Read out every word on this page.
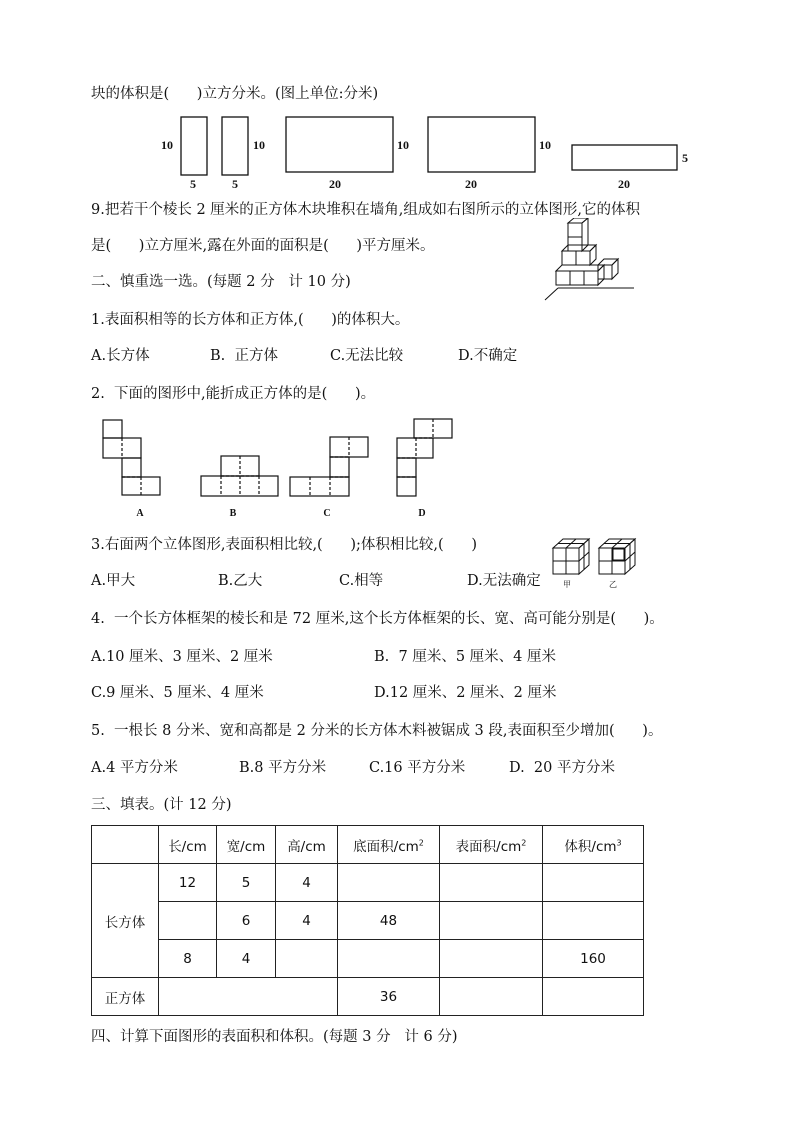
块的体积是(      )立方分米。(图上单位:分米)
10
5
10
5
10
20
10
20
5
20
9.把若干个棱长 2 厘米的正方体木块堆积在墙角,组成如右图所示的立体图形,它的体积
是(      )立方厘米,露在外面的面积是(      )平方厘米。
二、慎重选一选。(每题 2 分   计 10 分)
1.表面积相等的长方体和正方体,(      )的体积大。
A.长方体	B.  正方体	C.无法比较	D.不确定
2.  下面的图形中,能折成正方体的是(      )。
A	B	C	D
3.右面两个立体图形,表面积相比较,(      );体积相比较,(      )
A.甲大	B.乙大	C.相等	D.无法确定	甲	乙
4.  一个长方体框架的棱长和是 72 厘米,这个长方体框架的长、宽、高可能分别是(      )。
A.10 厘米、3 厘米、2 厘米	B.  7 厘米、5 厘米、4 厘米
C.9 厘米、5 厘米、4 厘米	D.12 厘米、2 厘米、2 厘米
5.  一根长 8 分米、宽和高都是 2 分米的长方体木料被锯成 3 段,表面积至少增加(      )。
A.4 平方分米	B.8 平方分米	C.16 平方分米	D.  20 平方分米
三、填表。(计 12 分)
	长/cm	宽/cm	高/cm	底面积$/cm^2$	表面积$/cm^2$	体积$/cm^3$
长方体	12	5	4			
		6	4	48		
	8	4				160
正方体				36		
四、计算下面图形的表面积和体积。(每题 3 分   计 6 分)
